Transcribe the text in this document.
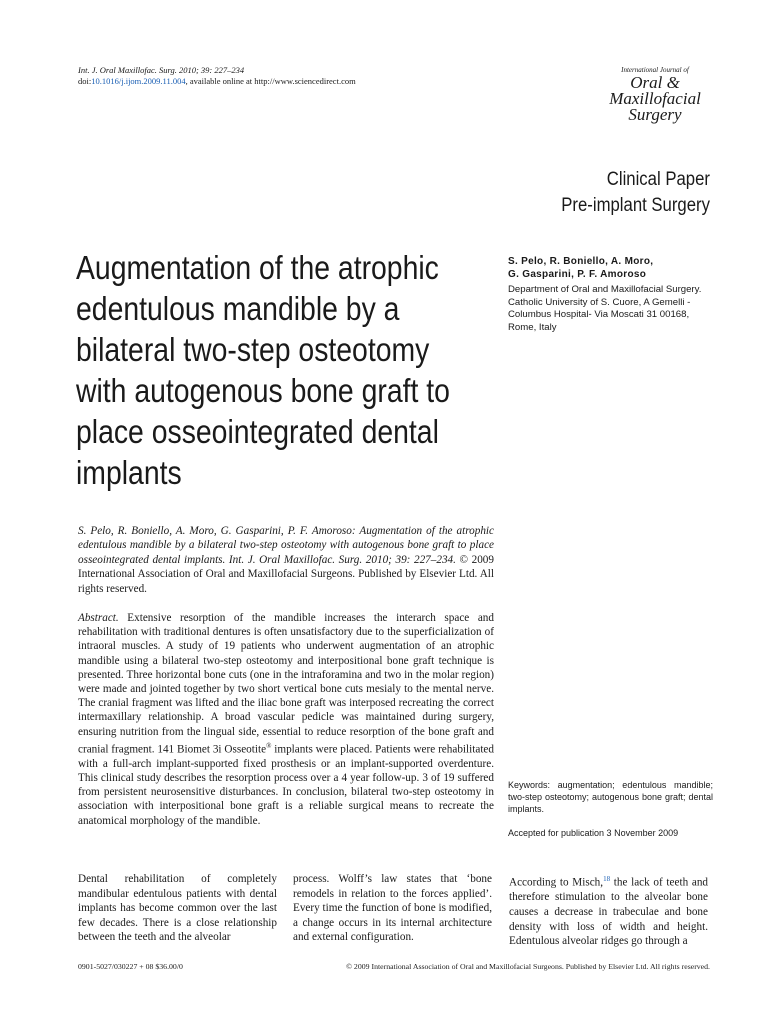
Int. J. Oral Maxillofac. Surg. 2010; 39: 227–234
doi:10.1016/j.ijom.2009.11.004, available online at http://www.sciencedirect.com
International Journal of
Oral &
Maxillofacial
Surgery
Clinical Paper
Pre-implant Surgery
Augmentation of the atrophic
edentulous mandible by a
bilateral two-step osteotomy
with autogenous bone graft to
place osseointegrated dental
implants
S. Pelo, R. Boniello, A. Moro,
G. Gasparini, P. F. Amoroso
Department of Oral and Maxillofacial Surgery. Catholic University of S. Cuore, A Gemelli - Columbus Hospital- Via Moscati 31 00168, Rome, Italy
S. Pelo, R. Boniello, A. Moro, G. Gasparini, P. F. Amoroso: Augmentation of the atrophic edentulous mandible by a bilateral two-step osteotomy with autogenous bone graft to place osseointegrated dental implants. Int. J. Oral Maxillofac. Surg. 2010; 39: 227–234. © 2009 International Association of Oral and Maxillofacial Surgeons. Published by Elsevier Ltd. All rights reserved.
Abstract. Extensive resorption of the mandible increases the interarch space and rehabilitation with traditional dentures is often unsatisfactory due to the superficialization of intraoral muscles. A study of 19 patients who underwent augmentation of an atrophic mandible using a bilateral two-step osteotomy and interpositional bone graft technique is presented. Three horizontal bone cuts (one in the intraforamina and two in the molar region) were made and jointed together by two short vertical bone cuts mesialy to the mental nerve. The cranial fragment was lifted and the iliac bone graft was interposed recreating the correct intermaxillary relationship. A broad vascular pedicle was maintained during surgery, ensuring nutrition from the lingual side, essential to reduce resorption of the bone graft and cranial fragment. 141 Biomet 3i Osseotite® implants were placed. Patients were rehabilitated with a full-arch implant-supported fixed prosthesis or an implant-supported overdenture. This clinical study describes the resorption process over a 4 year follow-up. 3 of 19 suffered from persistent neurosensitive disturbances. In conclusion, bilateral two-step osteotomy in association with interpositional bone graft is a reliable surgical means to recreate the anatomical morphology of the mandible.
Keywords: augmentation; edentulous mandible; two-step osteotomy; autogenous bone graft; dental implants.
Accepted for publication 3 November 2009
Dental rehabilitation of completely mandibular edentulous patients with dental implants has become common over the last few decades. There is a close relationship between the teeth and the alveolar
process. Wolff’s law states that ‘bone remodels in relation to the forces applied’. Every time the function of bone is modified, a change occurs in its internal architecture and external configuration.
According to Misch,$^{18}$ the lack of teeth and therefore stimulation to the alveolar bone causes a decrease in trabeculae and bone density with loss of width and height. Edentulous alveolar ridges go through a
0901-5027/030227 + 08 $36.00/0	© 2009 International Association of Oral and Maxillofacial Surgeons. Published by Elsevier Ltd. All rights reserved.
